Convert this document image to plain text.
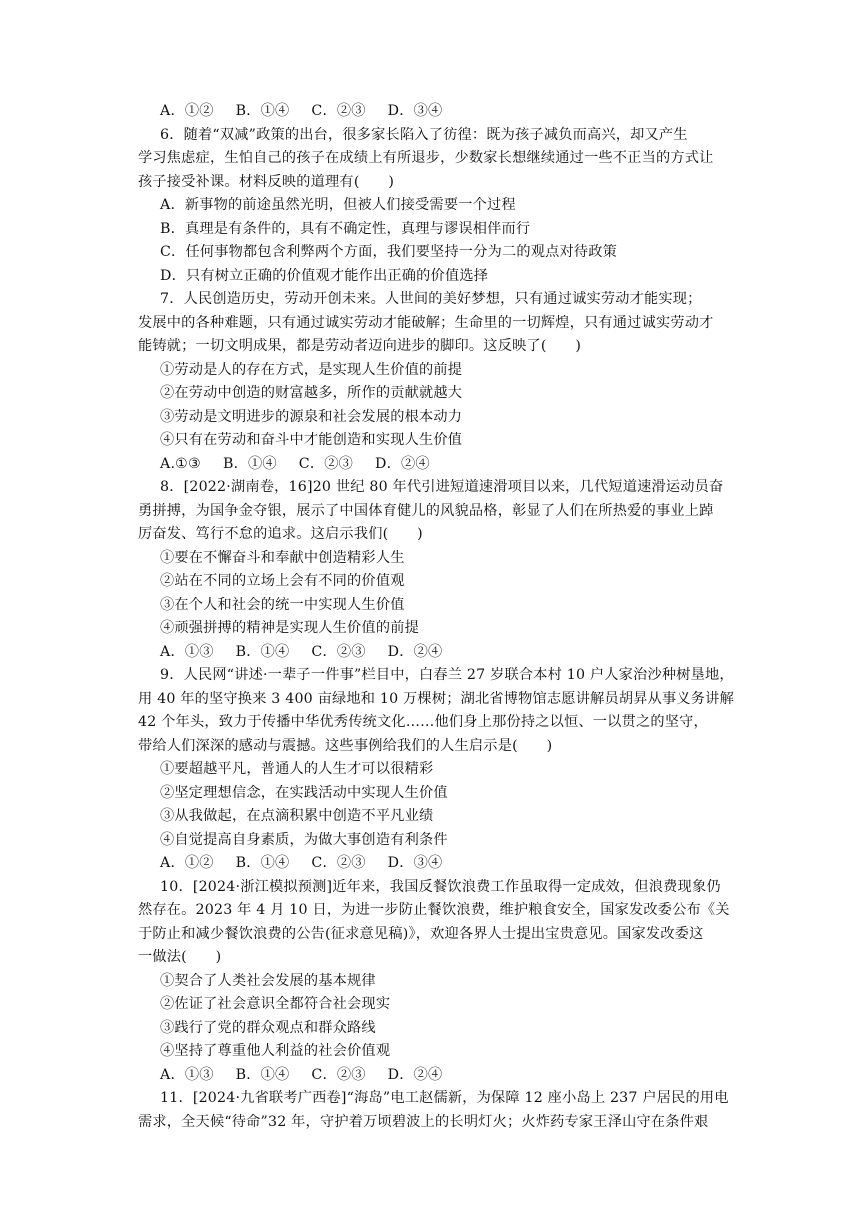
A．①② B．①④ C．②③ D．③④
6．随着“双减”政策的出台，很多家长陷入了彷徨：既为孩子减负而高兴，却又产生
学习焦虑症，生怕自己的孩子在成绩上有所退步，少数家长想继续通过一些不正当的方式让
孩子接受补课。材料反映的道理有(　　)
A．新事物的前途虽然光明，但被人们接受需要一个过程
B．真理是有条件的，具有不确定性，真理与谬误相伴而行
C．任何事物都包含利弊两个方面，我们要坚持一分为二的观点对待政策
D．只有树立正确的价值观才能作出正确的价值选择
7．人民创造历史，劳动开创未来。人世间的美好梦想，只有通过诚实劳动才能实现；
发展中的各种难题，只有通过诚实劳动才能破解；生命里的一切辉煌，只有通过诚实劳动才
能铸就；一切文明成果，都是劳动者迈向进步的脚印。这反映了(　　)
①劳动是人的存在方式，是实现人生价值的前提
②在劳动中创造的财富越多，所作的贡献就越大
③劳动是文明进步的源泉和社会发展的根本动力
④只有在劳动和奋斗中才能创造和实现人生价值
A.①③ B．①④ C．②③ D．②④
8．[2022·湖南卷，16]20 世纪 80 年代引进短道速滑项目以来，几代短道速滑运动员奋
勇拼搏，为国争金夺银，展示了中国体育健儿的风貌品格，彰显了人们在所热爱的事业上踔
厉奋发、笃行不怠的追求。这启示我们(　　)
①要在不懈奋斗和奉献中创造精彩人生
②站在不同的立场上会有不同的价值观
③在个人和社会的统一中实现人生价值
④顽强拼搏的精神是实现人生价值的前提
A．①③ B．①④ C．②③ D．②④
9．人民网“讲述·一辈子一件事”栏目中，白春兰 27 岁联合本村 10 户人家治沙种树垦地，
用 40 年的坚守换来 3 400 亩绿地和 10 万棵树；湖北省博物馆志愿讲解员胡昇从事义务讲解
42 个年头，致力于传播中华优秀传统文化……他们身上那份持之以恒、一以贯之的坚守，
带给人们深深的感动与震撼。这些事例给我们的人生启示是(　　)
①要超越平凡，普通人的人生才可以很精彩
②坚定理想信念，在实践活动中实现人生价值
③从我做起，在点滴积累中创造不平凡业绩
④自觉提高自身素质，为做大事创造有利条件
A．①② B．①④ C．②③ D．③④
10．[2024·浙江模拟预测]近年来，我国反餐饮浪费工作虽取得一定成效，但浪费现象仍
然存在。2023 年 4 月 10 日，为进一步防止餐饮浪费，维护粮食安全，国家发改委公布《关
于防止和减少餐饮浪费的公告(征求意见稿)》，欢迎各界人士提出宝贵意见。国家发改委这
一做法(　　)
①契合了人类社会发展的基本规律
②佐证了社会意识全都符合社会现实
③践行了党的群众观点和群众路线
④坚持了尊重他人利益的社会价值观
A．①③ B．①④ C．②③ D．②④
11．[2024·九省联考广西卷]“海岛”电工赵儒新，为保障 12 座小岛上 237 户居民的用电
需求，全天候“待命”32 年，守护着万顷碧波上的长明灯火；火炸药专家王泽山守在条件艰
